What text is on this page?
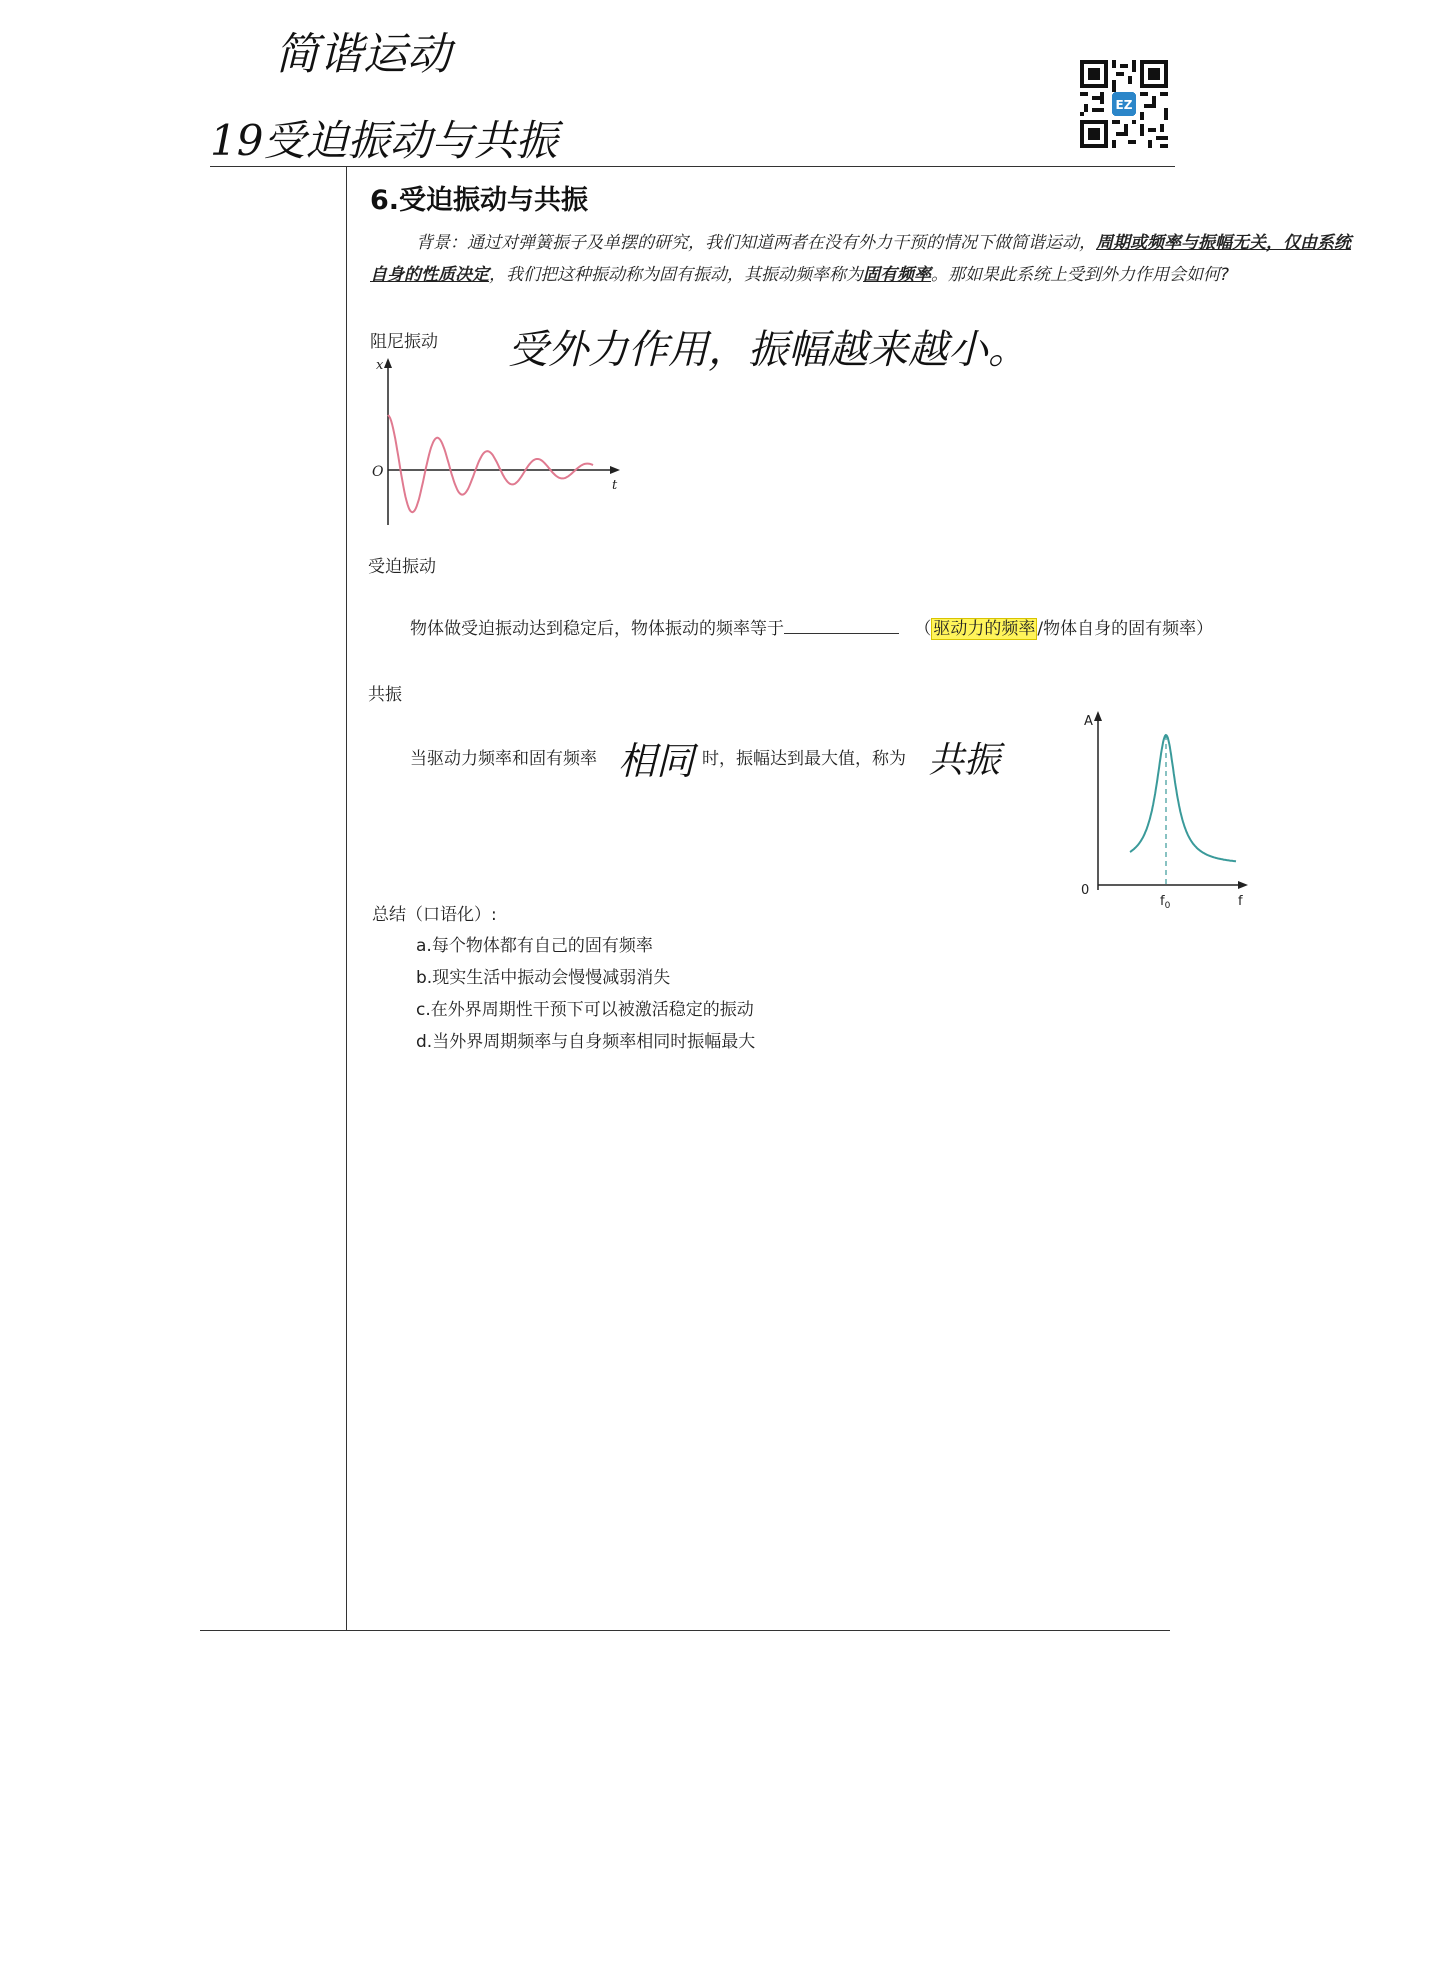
简谐运动
19受迫振动与共振
EZ
6.受迫振动与共振
背景：通过对弹簧振子及单摆的研究，我们知道两者在没有外力干预的情况下做简谐运动，周期或频率与振幅无关，仅由系统自身的性质决定，我们把这种振动称为固有振动，其振动频率称为固有频率。那如果此系统上受到外力作用会如何?
阻尼振动 受外力作用，振幅越来越小。
x
t
O
受迫振动
物体做受迫振动达到稳定后，物体振动的频率等于	（ 驱动力的频率 /物体自身的固有频率）
共振
当驱动力频率和固有频率 相同 时，振幅达到最大值，称为 共振
A
0
f
$f_0$
总结（口语化）:
a.每个物体都有自己的固有频率
b.现实生活中振动会慢慢减弱消失
c.在外界周期性干预下可以被激活稳定的振动
d.当外界周期频率与自身频率相同时振幅最大
